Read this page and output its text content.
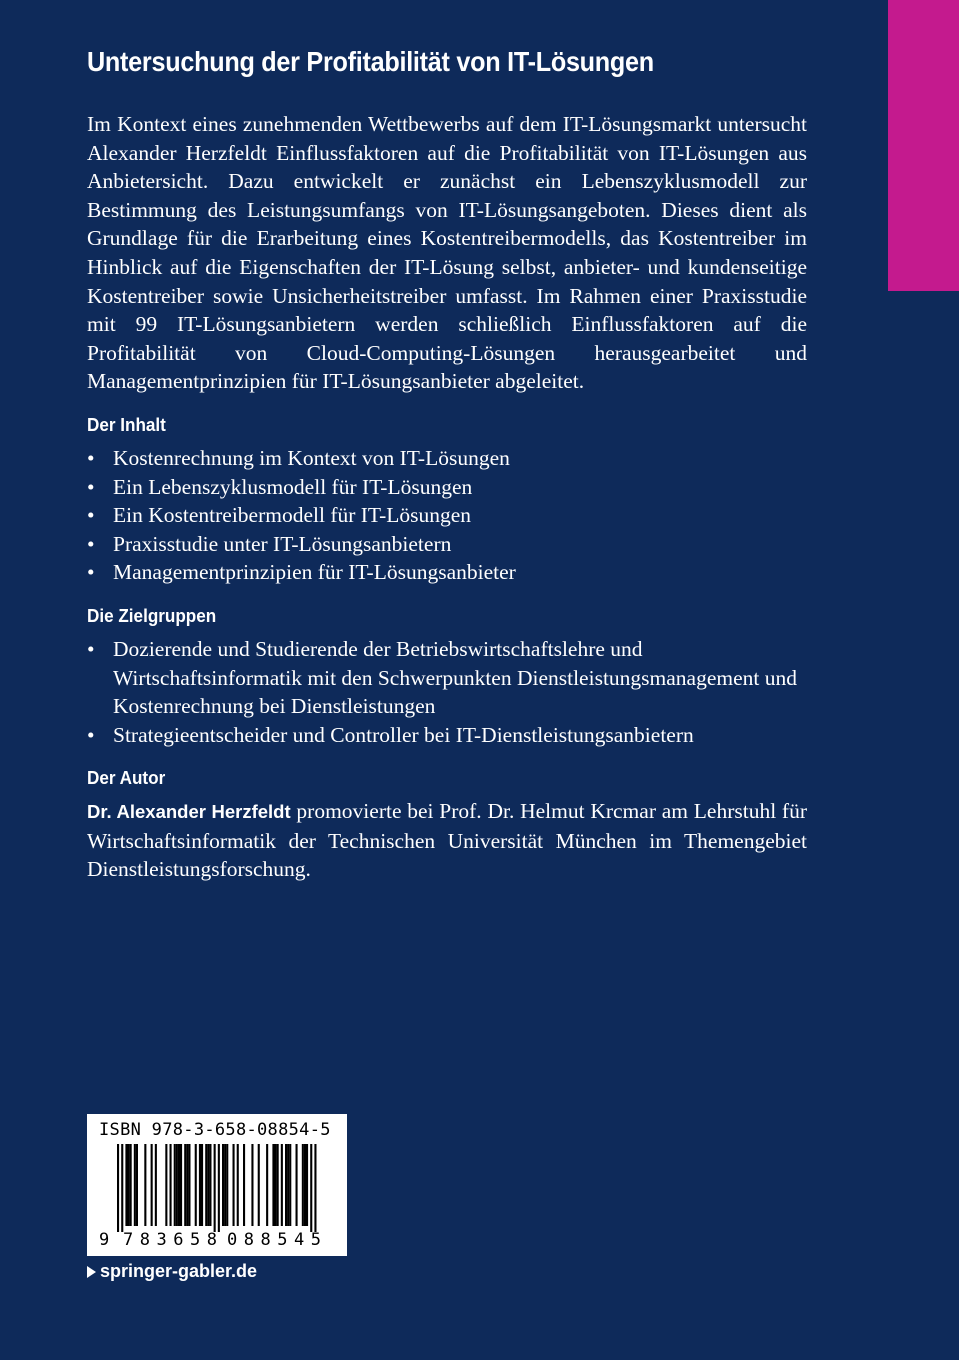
Untersuchung der Profitabilität von IT-Lösungen

Im Kontext eines zunehmenden Wettbewerbs auf dem IT-Lösungsmarkt untersucht Alexander Herzfeldt Einflussfaktoren auf die Profitabilität von IT-Lösungen aus Anbietersicht. Dazu entwickelt er zunächst ein Lebenszyklusmodell zur Bestimmung des Leistungsumfangs von IT-Lösungsangeboten. Dieses dient als Grundlage für die Erarbeitung eines Kostentreibermodells, das Kostentreiber im Hinblick auf die Eigenschaften der IT-Lösung selbst, anbieter- und kundenseitige Kostentreiber sowie Unsicherheitstreiber umfasst. Im Rahmen einer Praxisstudie mit 99 IT-Lösungsanbietern werden schließlich Einflussfaktoren auf die Profitabilität von Cloud-Computing-Lösungen herausgearbeitet und Managementprinzipien für IT-Lösungsanbieter abgeleitet.

Der Inhalt
• Kostenrechnung im Kontext von IT-Lösungen
• Ein Lebenszyklusmodell für IT-Lösungen
• Ein Kostentreibermodell für IT-Lösungen
• Praxisstudie unter IT-Lösungsanbietern
• Managementprinzipien für IT-Lösungsanbieter
Die Zielgruppen
• Dozierende und Studierende der Betriebswirtschaftslehre und Wirtschaftsinformatik mit den Schwerpunkten Dienstleistungsmanagement und Kostenrechnung bei Dienstleistungen
• Strategieentscheider und Controller bei IT-Dienstleistungsanbietern
Der Autor

Dr. Alexander Herzfeldt promovierte bei Prof. Dr. Helmut Krcmar am Lehrstuhl für Wirtschaftsinformatik der Technischen Universität München im Themengebiet Dienstleistungsforschung.

ISBN 978-3-658-08854-5
9 783658 088545
springer-gabler.de
